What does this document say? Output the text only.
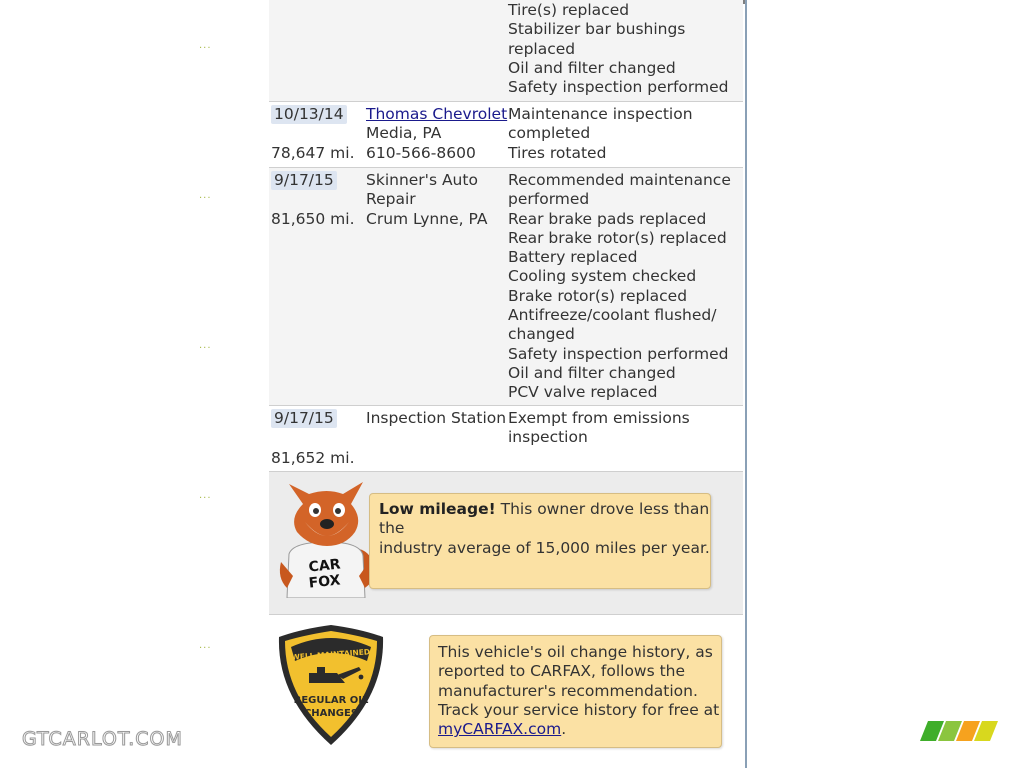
···
···
···
···
···
GTCARLOT.COM
Tire(s) replaced
Stabilizer bar bushings
replaced
Oil and filter changed
Safety inspection performed
10/13/14
78,647 mi.
Thomas Chevrolet
Media, PA
610-566-8600
Maintenance inspection
completed
Tires rotated
9/17/15
81,650 mi.
Skinner's Auto
Repair
Crum Lynne, PA
Recommended maintenance
performed
Rear brake pads replaced
Rear brake rotor(s) replaced
Battery replaced
Cooling system checked
Brake rotor(s) replaced
Antifreeze/coolant flushed/
changed
Safety inspection performed
Oil and filter changed
PCV valve replaced
9/17/15
81,652 mi.
Inspection Station Exempt from emissions
inspection
CAR
FOX
Low mileage! This owner drove less than the
industry average of 15,000 miles per year.
WELL MAINTAINED
REGULAR OIL
CHANGES
This vehicle's oil change history, as
reported to CARFAX, follows the
manufacturer's recommendation.
Track your service history for free at
myCARFAX.com.
